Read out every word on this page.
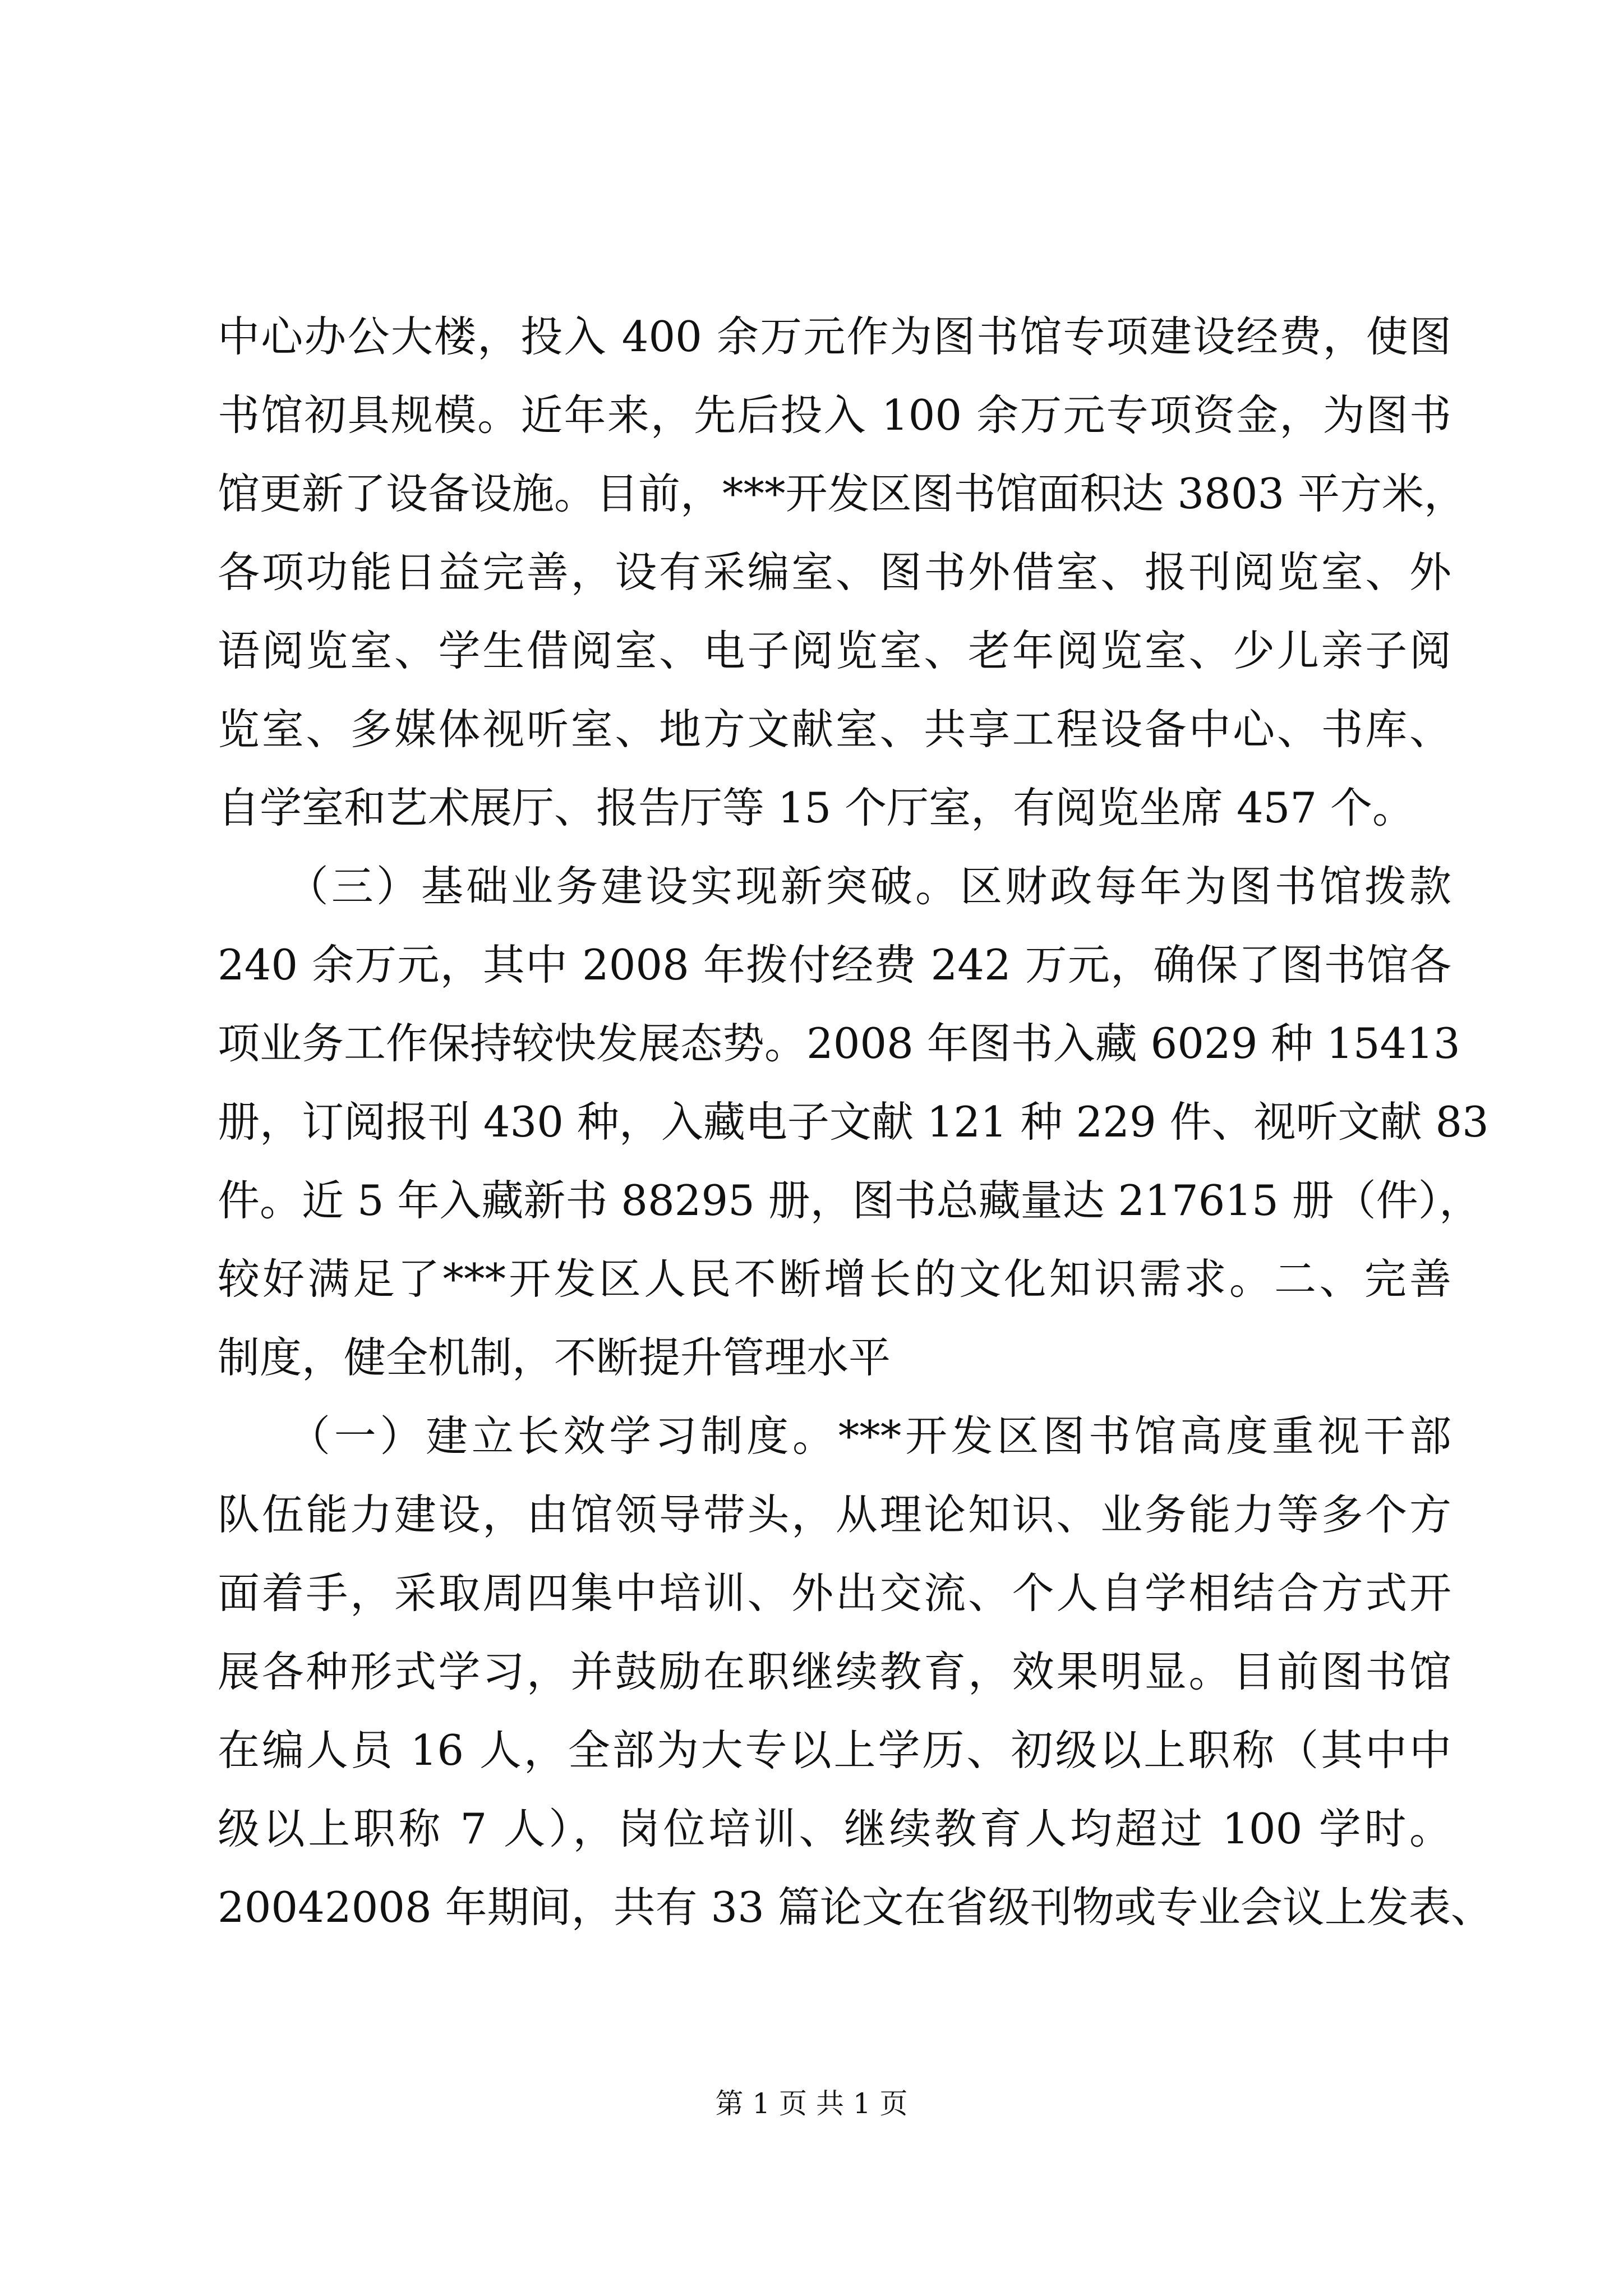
中心办公大楼，投入 400 余万元作为图书馆专项建设经费，使图
书馆初具规模。近年来，先后投入 100 余万元专项资金，为图书
馆更新了设备设施。目前，***开发区图书馆面积达 3803 平方米，
各项功能日益完善，设有采编室、图书外借室、报刊阅览室、外
语阅览室、学生借阅室、电子阅览室、老年阅览室、少儿亲子阅
览室、多媒体视听室、地方文献室、共享工程设备中心、书库、
自学室和艺术展厅、报告厅等 15 个厅室，有阅览坐席 457 个。
　　（三）基础业务建设实现新突破。区财政每年为图书馆拨款
240 余万元，其中 2008 年拨付经费 242 万元，确保了图书馆各
项业务工作保持较快发展态势。2008 年图书入藏 6029 种 15413
册，订阅报刊 430 种，入藏电子文献 121 种 229 件、视听文献 83
件。近 5 年入藏新书 88295 册，图书总藏量达 217615 册（件），
较好满足了***开发区人民不断增长的文化知识需求。二、完善
制度，健全机制，不断提升管理水平
　　（一）建立长效学习制度。***开发区图书馆高度重视干部
队伍能力建设，由馆领导带头，从理论知识、业务能力等多个方
面着手，采取周四集中培训、外出交流、个人自学相结合方式开
展各种形式学习，并鼓励在职继续教育，效果明显。目前图书馆
在编人员 16 人，全部为大专以上学历、初级以上职称（其中中
级以上职称 7 人），岗位培训、继续教育人均超过 100 学时。
20042008 年期间，共有 33 篇论文在省级刊物或专业会议上发表、
第 1 页 共 1 页
